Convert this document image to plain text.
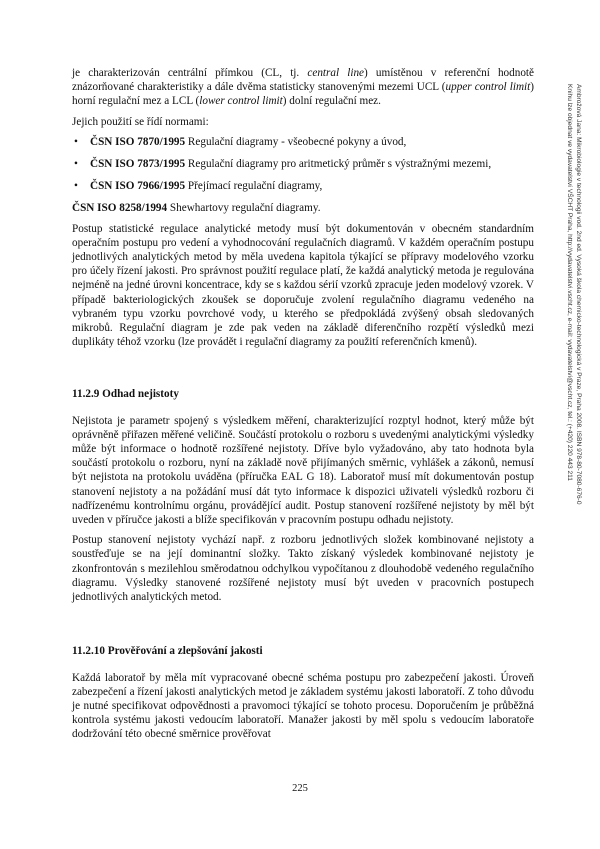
je charakterizován centrální přímkou (CL, tj. central line) umístěnou v referenční hodnotě znázorňované charakteristiky a dále dvěma statisticky stanovenými mezemi UCL (upper control limit) horní regulační mez a LCL (lower control limit) dolní regulační mez.

Jejich použití se řídí normami:

• ČSN ISO 7870/1995 Regulační diagramy - všeobecné pokyny a úvod,
• ČSN ISO 7873/1995 Regulační diagramy pro aritmetický průměr s výstražnými mezemi,
• ČSN ISO 7966/1995 Přejímací regulační diagramy,

ČSN ISO 8258/1994 Shewhartovy regulační diagramy.

Postup statistické regulace analytické metody musí být dokumentován v obecném standardním operačním postupu pro vedení a vyhodnocování regulačních diagramů. V každém operačním postupu jednotlivých analytických metod by měla uvedena kapitola týkající se přípravy modelového vzorku pro účely řízení jakosti. Pro správnost použití regulace platí, že každá analytický metoda je regulována nejméně na jedné úrovni koncentrace, kdy se s každou sérií vzorků zpracuje jeden modelový vzorek. V případě bakteriologických zkoušek se doporučuje zvolení regulačního diagramu vedeného na vybraném typu vzorku povrchové vody, u kterého se předpokládá zvýšený obsah sledovaných mikrobů. Regulační diagram je zde pak veden na základě diferenčního rozpětí výsledků mezi duplikáty téhož vzorku (lze provádět i regulační diagramy za použití referenčních kmenů).

11.2.9 Odhad nejistoty

Nejistota je parametr spojený s výsledkem měření, charakterizující rozptyl hodnot, který může být oprávněně přiřazen měřené veličině. Součástí protokolu o rozboru s uvedenými analytickými výsledky může být informace o hodnotě rozšířené nejistoty. Dříve bylo vyžadováno, aby tato hodnota byla součástí protokolu o rozboru, nyní na základě nově přijímaných směrnic, vyhlášek a zákonů, nemusí být nejistota na protokolu uváděna (příručka EAL G 18). Laboratoř musí mít dokumentován postup stanovení nejistoty a na požádání musí dát tyto informace k dispozici uživateli výsledků rozboru či nadřízenému kontrolnímu orgánu, provádějící audit. Postup stanovení rozšířené nejistoty by měl být uveden v příručce jakosti a blíže specifikován v pracovním postupu odhadu nejistoty.

Postup stanovení nejistoty vychází např. z rozboru jednotlivých složek kombinované nejistoty a soustřeďuje se na její dominantní složky. Takto získaný výsledek kombinované nejistoty je zkonfrontován s mezilehlou směrodatnou odchylkou vypočítanou z dlouhodobě vedeného regulačního diagramu. Výsledky stanovené rozšířené nejistoty musí být uveden v pracovních postupech jednotlivých analytických metod.

11.2.10 Prověřování a zlepšování jakosti

Každá laboratoř by měla mít vypracované obecné schéma postupu pro zabezpečení jakosti. Úroveň zabezpečení a řízení jakosti analytických metod je základem systému jakosti laboratoří. Z toho důvodu je nutné specifikovat odpovědnosti a pravomoci týkající se tohoto procesu. Doporučením je průběžná kontrola systému jakosti vedoucím laboratoří. Manažer jakosti by měl spolu s vedoucím laboratoře dodržování této obecné směrnice prověřovat

225
Ambrožová Jana: Mikrobiologie v technologii vod. 2nd ed. Vysoká škola chemicko-technologická v Praze, Praha 2008. ISBN 978-80-7080-676-0
Knihu lze objednat ve vydavatelství VŠCHT Praha, http://vydavatelstvi.vscht.cz, e-mail: vydavatelstvi@vscht.cz, tel.: (+420) 220 443 211
